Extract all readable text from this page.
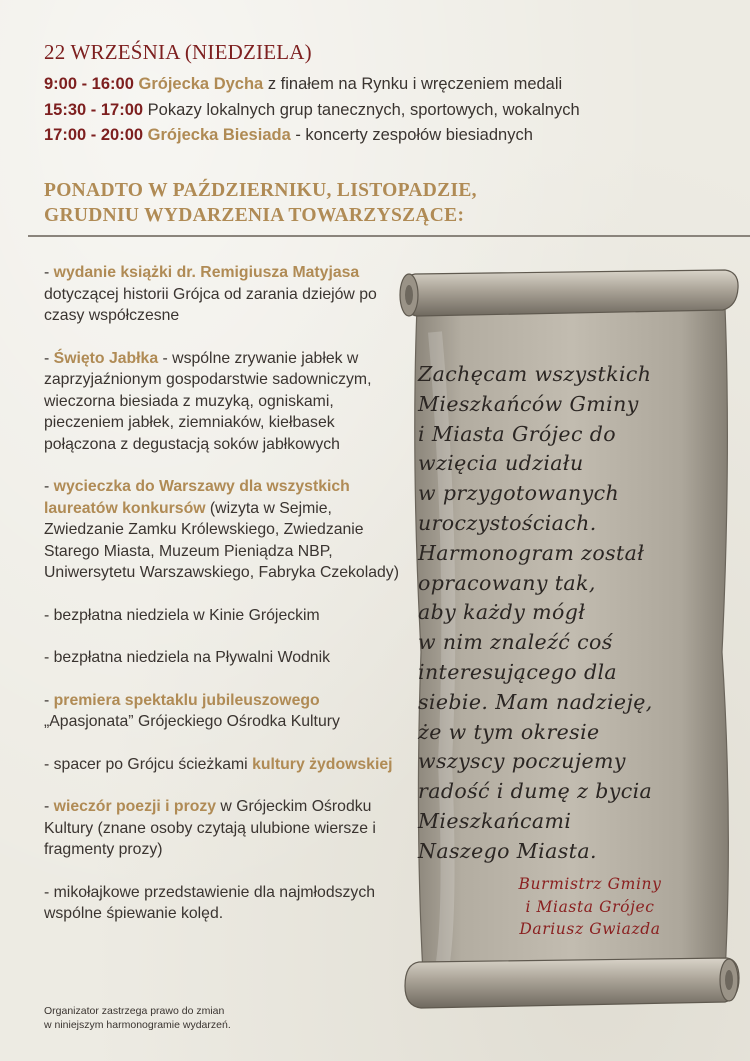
22 WRZEŚNIA (NIEDZIELA)
9:00 - 16:00 Grójecka Dycha z finałem na Rynku i wręczeniem medali
15:30 - 17:00 Pokazy lokalnych grup tanecznych, sportowych, wokalnych
17:00 - 20:00 Grójecka Biesiada - koncerty zespołów biesiadnych
PONADTO W PAŹDZIERNIKU, LISTOPADZIE,
GRUDNIU WYDARZENIA TOWARZYSZĄCE:
- wydanie książki dr. Remigiusza Matyjasa dotyczącej historii Grójca od zarania dziejów po czasy współczesne
- Święto Jabłka - wspólne zrywanie jabłek w zaprzyjaźnionym gospodarstwie sadowniczym, wieczorna biesiada z muzyką, ogniskami, pieczeniem jabłek, ziemniaków, kiełbasek połączona z degustacją soków jabłkowych
- wycieczka do Warszawy dla wszystkich laureatów konkursów (wizyta w Sejmie, Zwiedzanie Zamku Królewskiego, Zwiedzanie Starego Miasta, Muzeum Pieniądza NBP, Uniwersytetu Warszawskiego, Fabryka Czekolady)
- bezpłatna niedziela w Kinie Grójeckim
- bezpłatna niedziela na Pływalni Wodnik
- premiera spektaklu jubileuszowego „Apasjonata” Grójeckiego Ośrodka Kultury
- spacer po Grójcu ścieżkami kultury żydowskiej
- wieczór poezji i prozy w Grójeckim Ośrodku Kultury (znane osoby czytają ulubione wiersze i fragmenty prozy)
- mikołajkowe przedstawienie dla najmłodszych wspólne śpiewanie kolęd.
Organizator zastrzega prawo do zmian
w niniejszym harmonogramie wydarzeń.
Zachęcam wszystkich
Mieszkańców Gminy
i Miasta Grójec do
wzięcia udziału
w przygotowanych
uroczystościach.
Harmonogram został
opracowany tak,
aby każdy mógł
w nim znaleźć coś
interesującego dla
siebie. Mam nadzieję,
że w tym okresie
wszyscy poczujemy
radość i dumę z bycia
Mieszkańcami
Naszego Miasta.
Burmistrz Gminy
i Miasta Grójec
Dariusz Gwiazda
